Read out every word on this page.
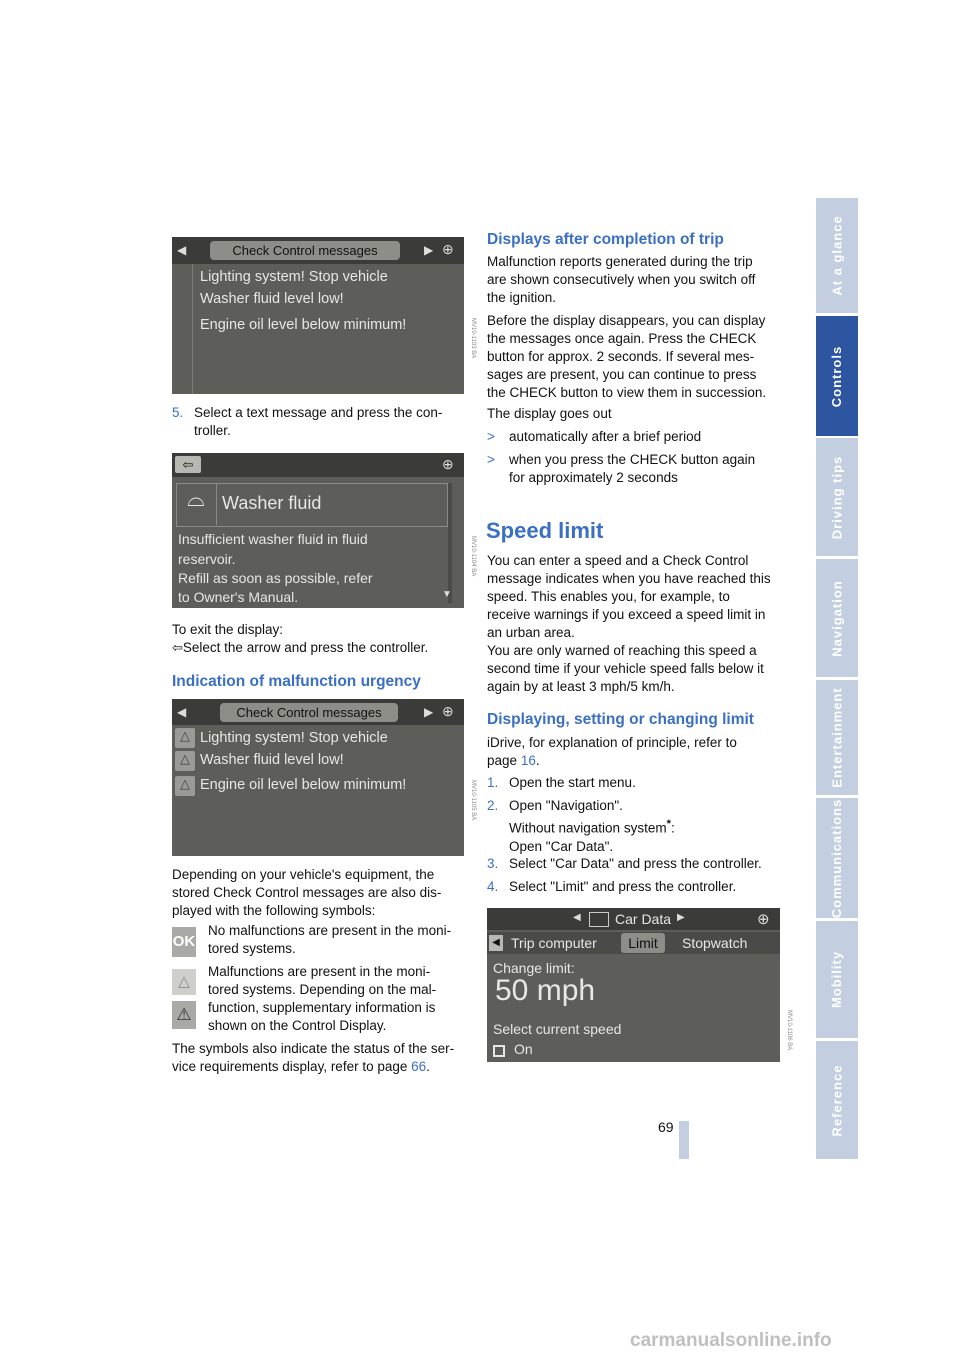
At a glance
Controls
Driving tips
Navigation
Entertainment
Communications
Mobility
Reference
69
carmanualsonline.info
◀	Check Control messages	▶ ⊕
Lighting system! Stop vehicle
Washer fluid level low!
Engine oil level below minimum!	MV10-1103 BA
5. Select a text message and press the con-
troller.
⇦	⊕
⌓ Washer fluid
Insufficient washer fluid in fluid
reservoir.
Refill as soon as possible, refer
to Owner's Manual.	▼
MV10-1104 BA
To exit the display:
⇦Select the arrow and press the controller.
Indication of malfunction urgency
◀	Check Control messages	▶ ⊕
△
△
△
Lighting system! Stop vehicle
Washer fluid level low!
Engine oil level below minimum!	MV10-1105 BA
Depending on your vehicle's equipment, the
stored Check Control messages are also dis-
played with the following symbols:
OK
No malfunctions are present in the moni-
tored systems.
△
⚠
Malfunctions are present in the moni-
tored systems. Depending on the mal-
function, supplementary information is
shown on the Control Display.
The symbols also indicate the status of the ser-
vice requirements display, refer to page 66.
Displays after completion of trip
Malfunction reports generated during the trip
are shown consecutively when you switch off
the ignition.
Before the display disappears, you can display
the messages once again. Press the CHECK
button for approx. 2 seconds. If several mes-
sages are present, you can continue to press
the CHECK button to view them in succession.
The display goes out
> automatically after a brief period
> when you press the CHECK button again
for approximately 2 seconds
Speed limit
You can enter a speed and a Check Control
message indicates when you have reached this
speed. This enables you, for example, to
receive warnings if you exceed a speed limit in
an urban area.
You are only warned of reaching this speed a
second time if your vehicle speed falls below it
again by at least 3 mph/5 km/h.
Displaying, setting or changing limit
iDrive, for explanation of principle, refer to
page 16.
1. Open the start menu.
2. Open "Navigation".
Without navigation system*:
Open "Car Data".
3. Select "Car Data" and press the controller.
4. Select "Limit" and press the controller.
◀ Car Data ▶	⊕
◀ Trip computer	Limit	Stopwatch
Change limit:
50 mph
Select current speed
On	MV10-1106 BA
